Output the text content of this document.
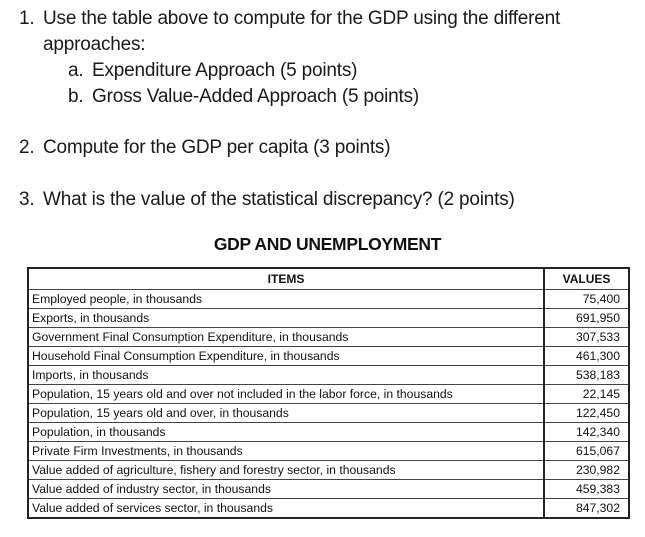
1. Use the table above to compute for the GDP using the different
approaches:
a. Expenditure Approach (5 points)
b. Gross Value-Added Approach (5 points)
2. Compute for the GDP per capita (3 points)
3. What is the value of the statistical discrepancy? (2 points)
GDP AND UNEMPLOYMENT
ITEMS	VALUES
Employed people, in thousands	75,400
Exports, in thousands	691,950
Government Final Consumption Expenditure, in thousands	307,533
Household Final Consumption Expenditure, in thousands	461,300
Imports, in thousands	538,183
Population, 15 years old and over not included in the labor force, in thousands	22,145
Population, 15 years old and over, in thousands	122,450
Population, in thousands	142,340
Private Firm Investments, in thousands	615,067
Value added of agriculture, fishery and forestry sector, in thousands	230,982
Value added of industry sector, in thousands	459,383
Value added of services sector, in thousands	847,302
